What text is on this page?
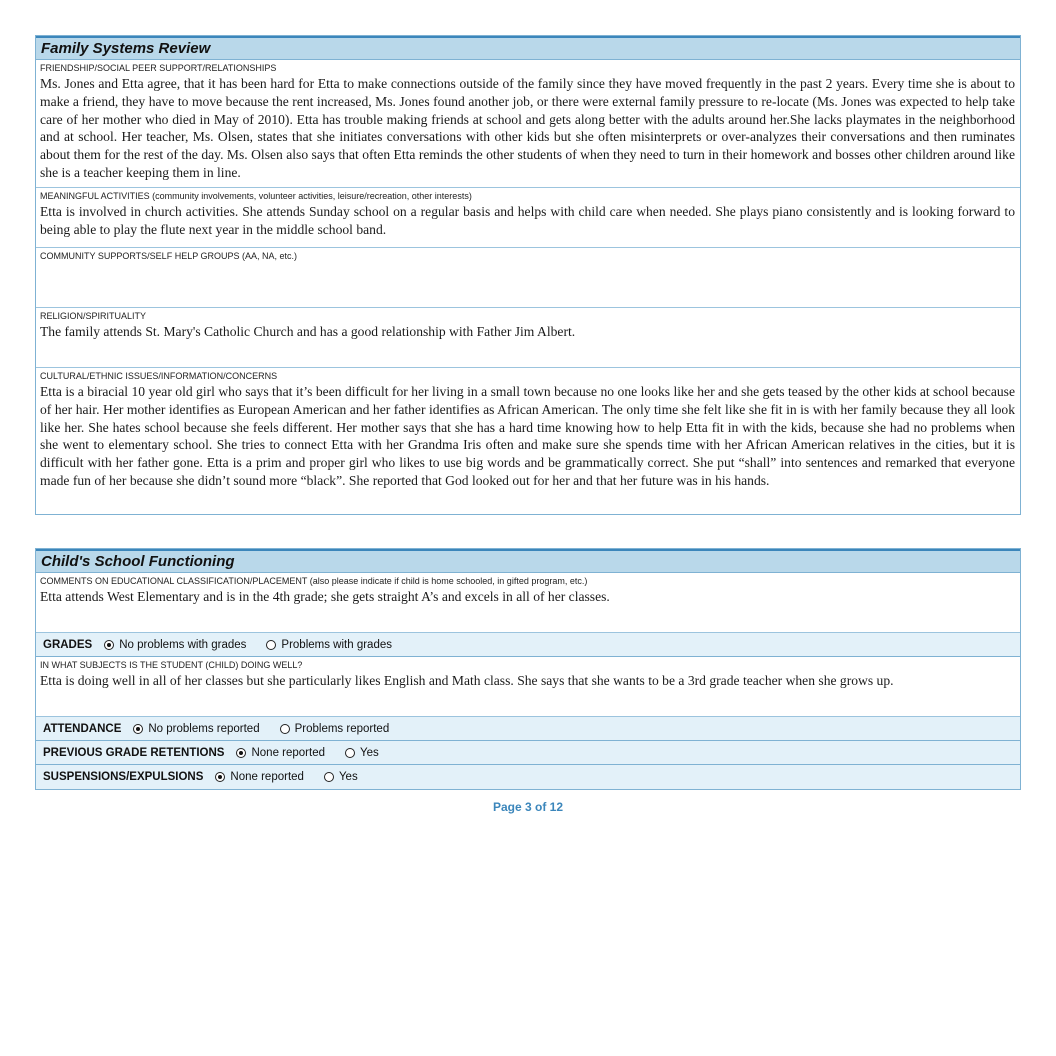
Family Systems Review
FRIENDSHIP/SOCIAL PEER SUPPORT/RELATIONSHIPS
Ms. Jones and Etta agree, that it has been hard for Etta to make connections outside of the family since they have moved frequently in the past 2 years. Every time she is about to make a friend, they have to move because the rent increased, Ms. Jones found another job, or there were external family pressure to re-locate (Ms. Jones was expected to help take care of her mother who died in May of 2010). Etta has trouble making friends at school and gets along better with the adults around her.She lacks playmates in the neighborhood and at school. Her teacher, Ms. Olsen, states that she initiates conversations with other kids but she often misinterprets or over-analyzes their conversations and then ruminates about them for the rest of the day. Ms. Olsen also says that often Etta reminds the other students of when they need to turn in their homework and bosses other children around like she is a teacher keeping them in line.
MEANINGFUL ACTIVITIES (community involvements, volunteer activities, leisure/recreation, other interests)
Etta is involved in church activities. She attends Sunday school on a regular basis and helps with child care when needed. She plays piano consistently and is looking forward to being able to play the flute next year in the middle school band.
COMMUNITY SUPPORTS/SELF HELP GROUPS (AA, NA, etc.)
RELIGION/SPIRITUALITY
The family attends St. Mary's Catholic Church and has a good relationship with Father Jim Albert.
CULTURAL/ETHNIC ISSUES/INFORMATION/CONCERNS
Etta is a biracial 10 year old girl who says that it’s been difficult for her living in a small town because no one looks like her and she gets teased by the other kids at school because of her hair. Her mother identifies as European American and her father identifies as African American. The only time she felt like she fit in is with her family because they all look like her. She hates school because she feels different. Her mother says that she has a hard time knowing how to help Etta fit in with the kids, because she had no problems when she went to elementary school. She tries to connect Etta with her Grandma Iris often and make sure she spends time with her African American relatives in the cities, but it is difficult with her father gone. Etta is a prim and proper girl who likes to use big words and be grammatically correct. She put “shall” into sentences and remarked that everyone made fun of her because she didn’t sound more “black”. She reported that God looked out for her and that her future was in his hands.
Child's School Functioning
COMMENTS ON EDUCATIONAL CLASSIFICATION/PLACEMENT (also please indicate if child is home schooled, in gifted program, etc.)
Etta attends West Elementary and is in the 4th grade; she gets straight A’s and excels in all of her classes.
GRADES No problems with grades	Problems with grades
IN WHAT SUBJECTS IS THE STUDENT (CHILD) DOING WELL?
Etta is doing well in all of her classes but she particularly likes English and Math class. She says that she wants to be a 3rd grade teacher when she grows up.
ATTENDANCE No problems reported	Problems reported
PREVIOUS GRADE RETENTIONS None reported	Yes
SUSPENSIONS/EXPULSIONS None reported	Yes
Page 3 of 12
